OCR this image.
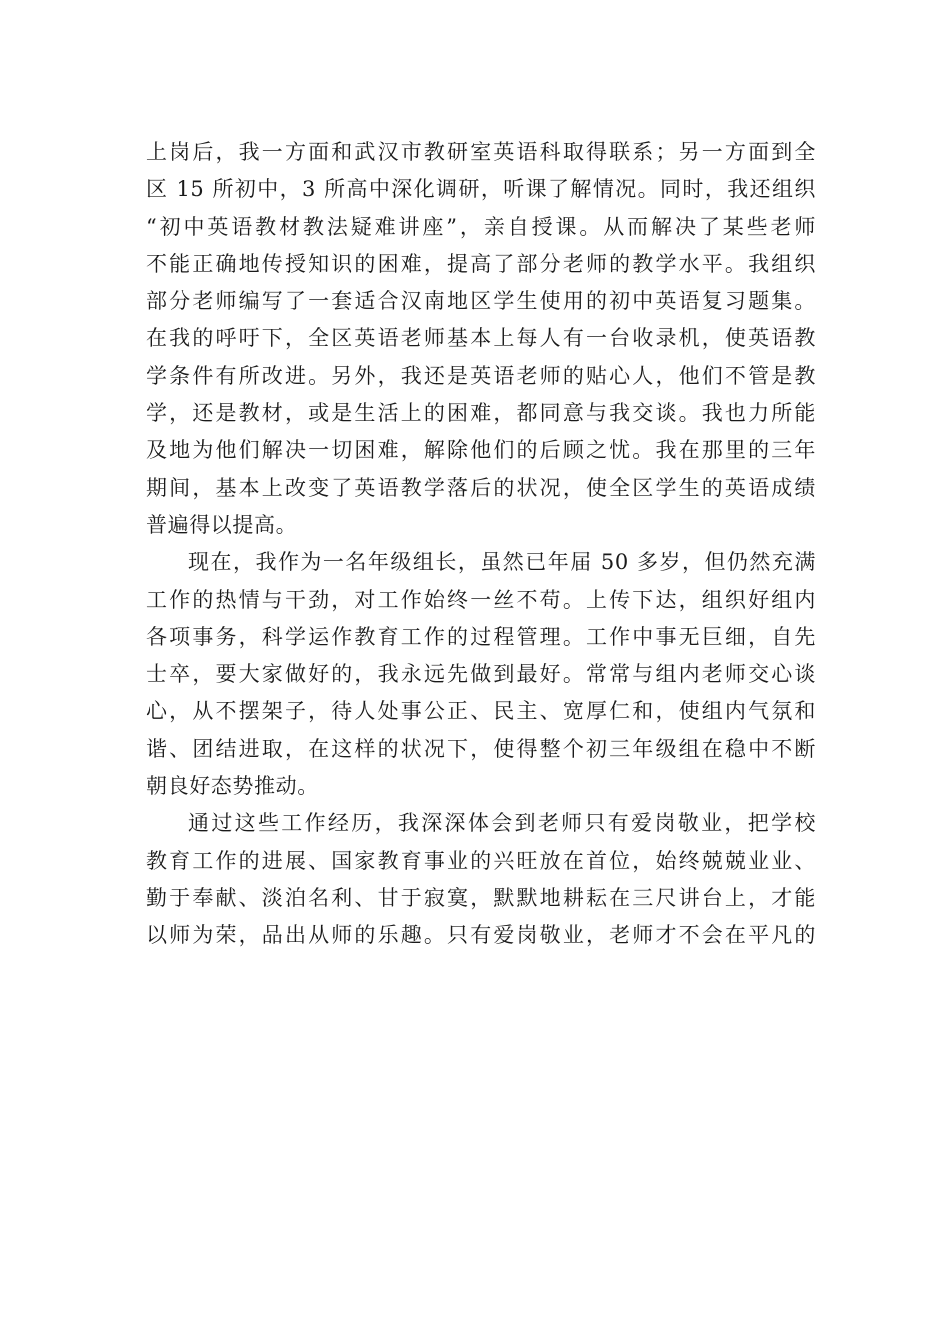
上岗后，我一方面和武汉市教研室英语科取得联系；另一方面到全
区 15 所初中，3 所高中深化调研，听课了解情况。同时，我还组织
“初中英语教材教法疑难讲座”，亲自授课。从而解决了某些老师
不能正确地传授知识的困难，提高了部分老师的教学水平。我组织
部分老师编写了一套适合汉南地区学生使用的初中英语复习题集。
在我的呼吁下，全区英语老师基本上每人有一台收录机，使英语教
学条件有所改进。另外，我还是英语老师的贴心人，他们不管是教
学，还是教材，或是生活上的困难，都同意与我交谈。我也力所能
及地为他们解决一切困难，解除他们的后顾之忧。我在那里的三年
期间，基本上改变了英语教学落后的状况，使全区学生的英语成绩
普遍得以提高。
现在，我作为一名年级组长，虽然已年届 50 多岁，但仍然充满
工作的热情与干劲，对工作始终一丝不苟。上传下达，组织好组内
各项事务，科学运作教育工作的过程管理。工作中事无巨细，自先
士卒，要大家做好的，我永远先做到最好。常常与组内老师交心谈
心，从不摆架子，待人处事公正、民主、宽厚仁和，使组内气氛和
谐、团结进取，在这样的状况下，使得整个初三年级组在稳中不断
朝良好态势推动。
通过这些工作经历，我深深体会到老师只有爱岗敬业，把学校
教育工作的进展、国家教育事业的兴旺放在首位，始终兢兢业业、
勤于奉献、淡泊名利、甘于寂寞，默默地耕耘在三尺讲台上，才能
以师为荣，品出从师的乐趣。只有爱岗敬业，老师才不会在平凡的
